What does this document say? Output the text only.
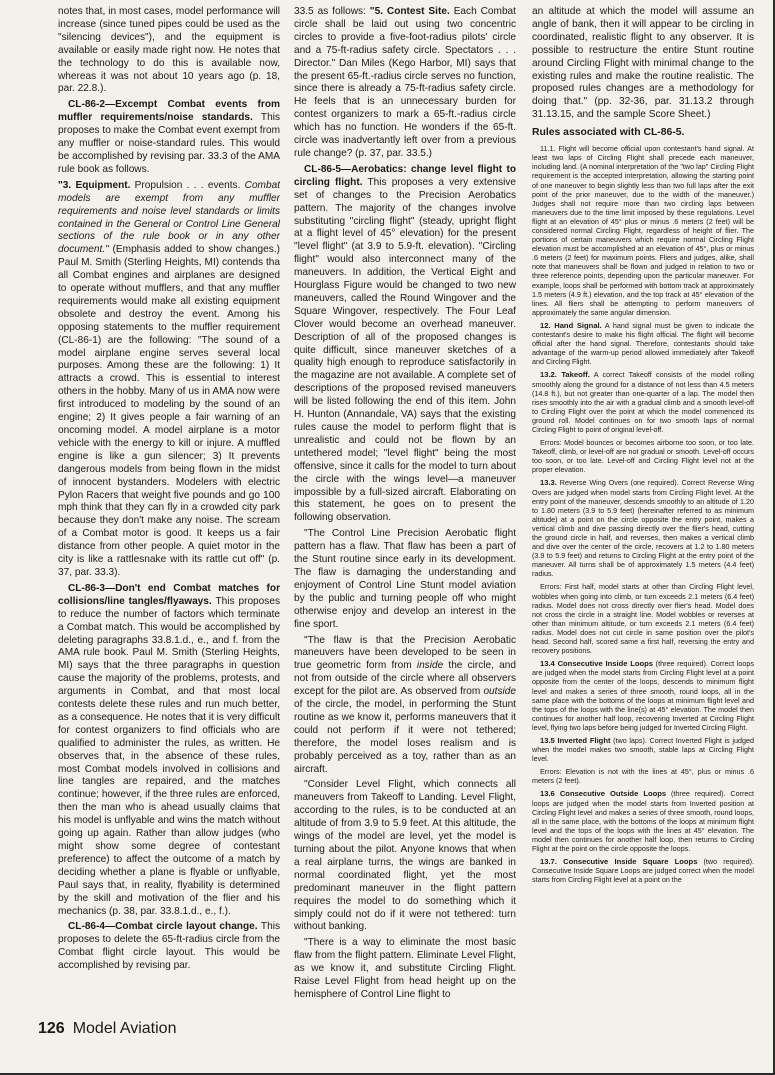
notes that, in most cases, model performance will increase (since tuned pipes could be used as the "silencing devices"), and the equipment is available or easily made right now. He notes that the technology to do this is available now, whereas it was not about 10 years ago (p. 18, par. 22.8.).

CL-86-2—Excempt Combat events from muffler requirements/noise standards. This proposes to make the Combat event exempt from any muffler or noise-standard rules. This would be accomplished by revising par. 33.3 of the AMA rule book as follows.

"3. Equipment. Propulsion . . . events. Combat models are exempt from any muffler requirements and noise level standards or limits contained in the General or Control Line General sections of the rule book or in any other document." (Emphasis added to show changes.) Paul M. Smith (Sterling Heights, MI) contends tha all Combat engines and airplanes are designed to operate without mufflers, and that any muffler requirements would make all existing equipment obsolete and destroy the event. Among his opposing statements to the muffler requirement (CL-86-1) are the following: "The sound of a model airplane engine serves several local purposes. Among these are the following: 1) It attracts a crowd. This is essential to interest others in the hobby. Many of us in AMA now were first introduced to modeling by the sound of an engine; 2) It gives people a fair warning of an oncoming model. A model airplane is a motor vehicle with the energy to kill or injure. A muffled engine is like a gun silencer; 3) It prevents dangerous models from being flown in the midst of innocent bystanders. Modelers with electric Pylon Racers that weight five pounds and go 100 mph think that they can fly in a crowded city park because they don't make any noise. The scream of a Combat motor is good. It keeps us a fair distance from other people. A quiet motor in the city is like a rattlesnake with its rattle cut off" (p. 37, par. 33.3).

CL-86-3—Don't end Combat matches for collisions/line tangles/flyaways. This proposes to reduce the number of factors which terminate a Combat match. This would be accomplished by deleting paragraphs 33.8.1.d., e., and f. from the AMA rule book. Paul M. Smith (Sterling Heights, MI) says that the three paragraphs in question cause the majority of the problems, protests, and arguments in Combat, and that most local contests delete these rules and run much better, as a consequence. He notes that it is very difficult for contest organizers to find officials who are qualified to administer the rules, as written. He observes that, in the absence of these rules, most Combat models involved in collisions and line tangles are repaired, and the matches continue; however, if the three rules are enforced, then the man who is ahead usually claims that his model is unflyable and wins the match without going up again. Rather than allow judges (who might show some degree of contestant preference) to affect the outcome of a match by deciding whether a plane is flyable or unflyable, Paul says that, in reality, flyability is determined by the skill and motivation of the flier and his mechanics (p. 38, par. 33.8.1.d., e., f.).

CL-86-4—Combat circle layout change. This proposes to delete the 65-ft-radius circle from the Combat flight circle layout. This would be accomplished by revising par.

33.5 as follows: "5. Contest Site. Each Combat circle shall be laid out using two concentric circles to provide a five-foot-radius pilots' circle and a 75-ft-radius safety circle. Spectators . . . Director." Dan Miles (Kego Harbor, MI) says that the present 65-ft.-radius circle serves no function, since there is already a 75-ft-radius safety circle. He feels that is an unnecessary burden for contest organizers to mark a 65-ft.-radius circle which has no function. He wonders if the 65-ft. circle was inadvertantly left over from a previous rule change? (p. 37, par. 33.5.)

CL-86-5—Aerobatics: change level flight to circling flight. This proposes a very extensive set of changes to the Precision Aerobatics pattern. The majority of the changes involve substituting "circling flight" (steady, upright flight at a flight level of 45° elevation) for the present "level flight" (at 3.9 to 5.9-ft. elevation). "Circling flight" would also interconnect many of the maneuvers. In addition, the Vertical Eight and Hourglass Figure would be changed to two new maneuvers, called the Round Wingover and the Square Wingover, respectively. The Four Leaf Clover would become an overhead maneuver. Description of all of the proposed changes is quite difficult, since maneuver sketches of a quality high enough to reproduce satisfactorily in the magazine are not available. A complete set of descriptions of the proposed revised maneuvers will be listed following the end of this item. John H. Hunton (Annandale, VA) says that the existing rules cause the model to perform flight that is unrealistic and could not be flown by an untethered model; "level flight" being the most offensive, since it calls for the model to turn about the circle with the wings level—a maneuver impossible by a full-sized aircraft. Elaborating on this statement, he goes on to present the following observation.

"The Control Line Precision Aerobatic flight pattern has a flaw. That flaw has been a part of the Stunt routine since early in its development. The flaw is damaging the understanding and enjoyment of Control Line Stunt model aviation by the public and turning people off who might otherwise enjoy and develop an interest in the fine sport.

"The flaw is that the Precision Aerobatic maneuvers have been developed to be seen in true geometric form from inside the circle, and not from outside of the circle where all observers except for the pilot are. As observed from outside of the circle, the model, in performing the Stunt routine as we know it, performs maneuvers that it could not perform if it were not tethered; therefore, the model loses realism and is probably perceived as a toy, rather than as an aircraft.

"Consider Level Flight, which connects all maneuvers from Takeoff to Landing. Level Flight, according to the rules, is to be conducted at an altitude of from 3.9 to 5.9 feet. At this altitude, the wings of the model are level, yet the model is turning about the pilot. Anyone knows that when a real airplane turns, the wings are banked in normal coordinated flight, yet the most predominant maneuver in the flight pattern requires the model to do something which it simply could not do if it were not tethered: turn without banking.

"There is a way to eliminate the most basic flaw from the flight pattern. Eliminate Level Flight, as we know it, and substitute Circling Flight. Raise Level Flight from head height up on the hemisphere of Control Line flight to

an altitude at which the model will assume an angle of bank, then it will appear to be circling in coordinated, realistic flight to any observer. It is possible to restructure the entire Stunt routine around Circling Flight with minimal change to the existing rules and make the routine realistic. The proposed rules changes are a methodology for doing that." (pp. 32-36, par. 31.13.2 through 31.13.15, and the sample Score Sheet.)

Rules associated with CL-86-5.

11.1. Flight will become official upon contestant's hand signal. At least two laps of Circling Flight shall precede each maneuver, including land. (A nominal interpretation of the "two lap" Circling Flight requirement is the accepted interpretation, allowing the starting point of one maneuver to begin slightly less than two full laps after the exit point of the prior maneuver, due to the width of the maneuver.) Judges shall not require more than two circling laps between maneuvers due to the time limit imposed by these regulations. Level flight at an elevation of 45° plus or minus .6 meters (2 feet) will be considered normal Circling Flight, regardless of height of flier. The portions of certain maneuvers which require normal Circling Flight elevation must be accomplished at an elevation of 45°, plus or minus .6 meters (2 feet) for maximum points. Fliers and judges, alike, shall note that maneuvers shall be flown and judged in relation to two or three reference points, depending upon the particular maneuver. For example, loops shall be performed with bottom track at approximately 1.5 meters (4.9 ft.) elevation, and the top track at 45° elevation of the lines. All fliers shall be attempting to perform maneuvers of approximately the same angular dimension.

12. Hand Signal. A hand signal must be given to indicate the contestant's desire to make his flight official. The flight will become official after the hand signal. Therefore, contestants should take advantage of the warm-up period allowed immediately after Takeoff and Circling Flight.

13.2. Takeoff. A correct Takeoff consists of the model rolling smoothly along the ground for a distance of not less than 4.5 meters (14.8 ft.), but not greater than one-quarter of a lap. The model then rises smoothly into the air with a gradual climb and a smooth level-off to Circling Flight over the point at which the model commenced its ground roll. Model continues on for two smooth laps of normal Circling Flight to point of original level-off.

Errors: Model bounces or becomes airborne too soon, or too late. Takeoff, climb, or level-off are not gradual or smooth. Level-off occurs too soon, or too late. Level-off and Circling Flight level not at the proper elevation.

13.3. Reverse Wing Overs (one required). Correct Reverse Wing Overs are judged when model starts from Circling Flight level. At the entry point of the maneuver, descends smoothly to an altitude of 1.20 to 1.80 meters (3.9 to 5.9 feet) (hereinafter referred to as minimum altitude) at a point on the circle opposite the entry point, makes a vertical climb and dive passing directly over the flier's head, cutting the ground circle in half, and reverses, then makes a vertical climb and dive over the center of the circle, recovers at 1.2 to 1.80 meters (3.9 to 5.9 feet) and returns to Circling Flight at the entry point of the maneuver. All turns shall be of approximately 1.5 meters (4.4 feet) radius.

Errors: First half, model starts at other than Circling Flight level, wobbles when going into climb, or turn exceeds 2.1 meters (6.4 feet) radius. Model does not cross directly over flier's head. Model does not cross the circle in a straight line. Model wobbles or reverses at other than minimum altitude, or turn exceeds 2.1 meters (6.4 feet) radius. Model does not cut circle in same position over the pilot's head. Second half, scored same a first half, reversing the entry and recovery positions.

13.4 Consecutive Inside Loops (three required). Correct loops are judged when the model starts from Circling Flight level at a point opposite from the center of the loops, descends to minimum flight level and makes a series of three smooth, round loops, all in the same place with the bottoms of the loops at minimum flight level and the tops of the loops with the line(s) at 45° elevation. The model then continues for another half loop, recovering Inverted at Circling Flight level, flying two laps before being judged for Inverted Circling Flight.

13.5 Inverted Flight (two laps). Correct Inverted Flight is judged when the model makes two smooth, stable laps at Circling Flight level.

Errors: Elevation is not with the lines at 45°, plus or minus .6 meters (2 feet).

13.6 Consecutive Outside Loops (three required). Correct loops are judged when the model starts from Inverted position at Circling Flight level and makes a series of three smooth, round loops, all in the same place, with the bottoms of the loops at minimum flight level and the tops of the loops with the lines at 45° elevation. The model then continues for another half loop, then returns to Circling Flight at the point on the circle opposite the loops.

13.7. Consecutive Inside Square Loops (two required). Consecutive Inside Square Loops are judged correct when the model starts from Circling Flight level at a point on the

126 Model Aviation
